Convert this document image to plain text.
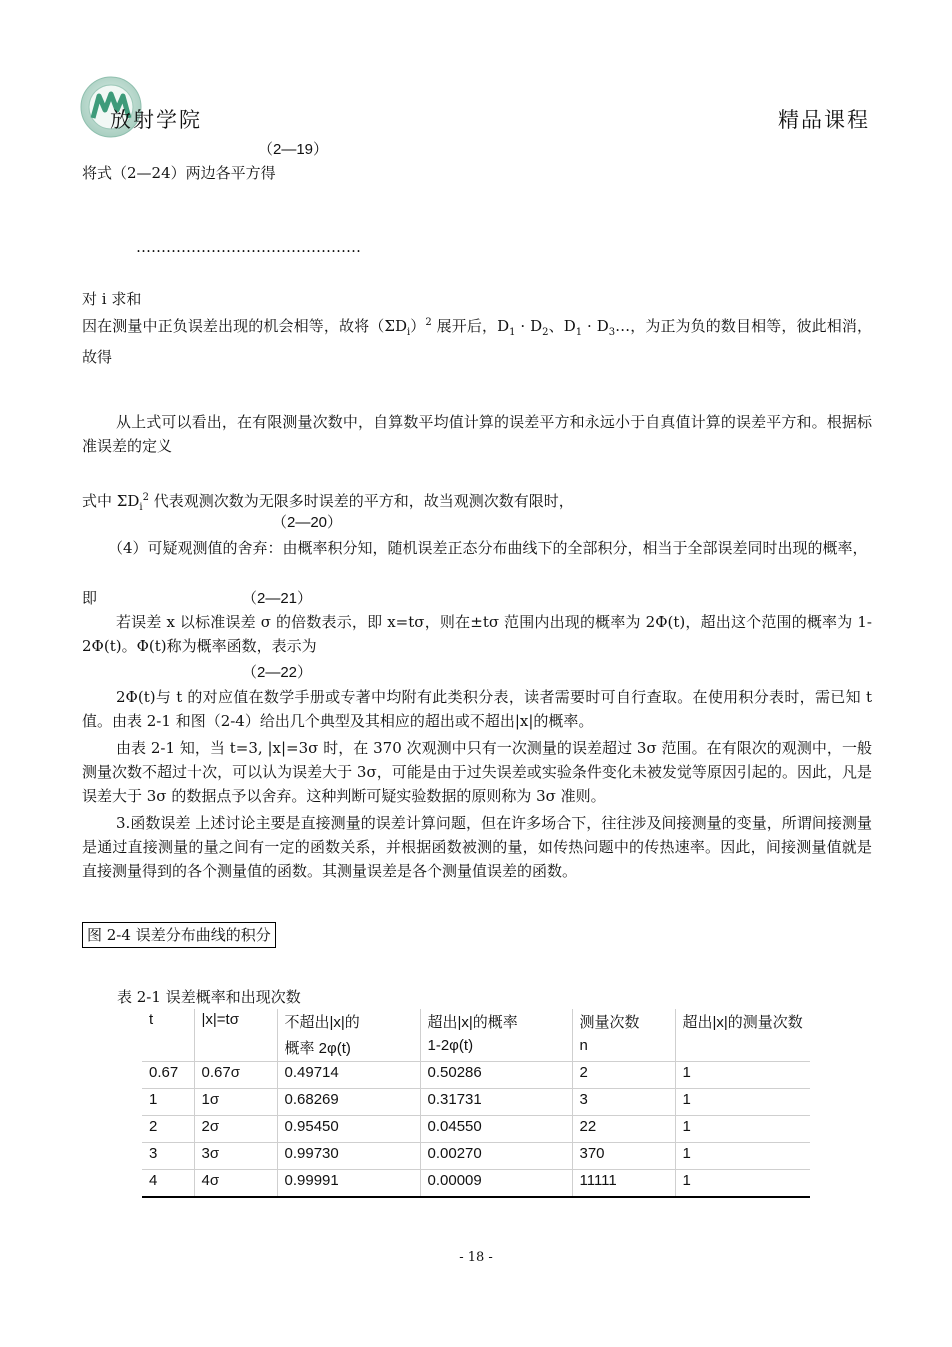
放射学院	精品课程
（2—19）
将式（2—24）两边各平方得
………………………………………
对 i 求和
因在测量中正负误差出现的机会相等，故将$(\Sigma D_i)^2$ 展开后，$D_1 \cdot D_2$、$D_1$ · $D_3\dots$，为正为负的数目相等，彼此相消，故得
从上式可以看出，在有限测量次数中，自算数平均值计算的误差平方和永远小于自真值计算的误差平方和。根据标准误差的定义
式中 $\Sigma D_i^2$ 代表观测次数为无限多时误差的平方和，故当观测次数有限时，
（2—20）
（4）可疑观测值的舍弃：由概率积分知，随机误差正态分布曲线下的全部积分，相当于全部误差同时出现的概率，
即	（2—21）
若误差 x 以标准误差 σ 的倍数表示，即 x=tσ，则在±tσ 范围内出现的概率为 2Φ(t)，超出这个范围的概率为 1-2Φ(t)。Φ(t)称为概率函数，表示为
（2—22）
2Φ(t)与 t 的对应值在数学手册或专著中均附有此类积分表，读者需要时可自行查取。在使用积分表时，需已知 t 值。由表 2-1 和图（2-4）给出几个典型及其相应的超出或不超出|x|的概率。
由表 2-1 知，当 t=3, |x|=3σ 时，在 370 次观测中只有一次测量的误差超过 3σ 范围。在有限次的观测中，一般测量次数不超过十次，可以认为误差大于 3σ，可能是由于过失误差或实验条件变化未被发觉等原因引起的。因此，凡是误差大于 3σ 的数据点予以舍弃。这种判断可疑实验数据的原则称为 3σ 准则。
3.函数误差 上述讨论主要是直接测量的误差计算问题，但在许多场合下，往往涉及间接测量的变量，所谓间接测量是通过直接测量的量之间有一定的函数关系，并根据函数被测的量，如传热问题中的传热速率。因此，间接测量值就是直接测量得到的各个测量值的函数。其测量误差是各个测量值误差的函数。
图 2-4 误差分布曲线的积分
表 2-1 误差概率和出现次数
t	|x|=tσ	不超出|x|的	超出|x|的概率	测量次数	超出|x|的测量次数
		概率 2φ(t)	1-2φ(t)	n	
0.67	0.67σ	0.49714	0.50286	2	1
1	1σ	0.68269	0.31731	3	1
2	2σ	0.95450	0.04550	22	1
3	3σ	0.99730	0.00270	370	1
4	4σ	0.99991	0.00009	11111	1
- 18 -
